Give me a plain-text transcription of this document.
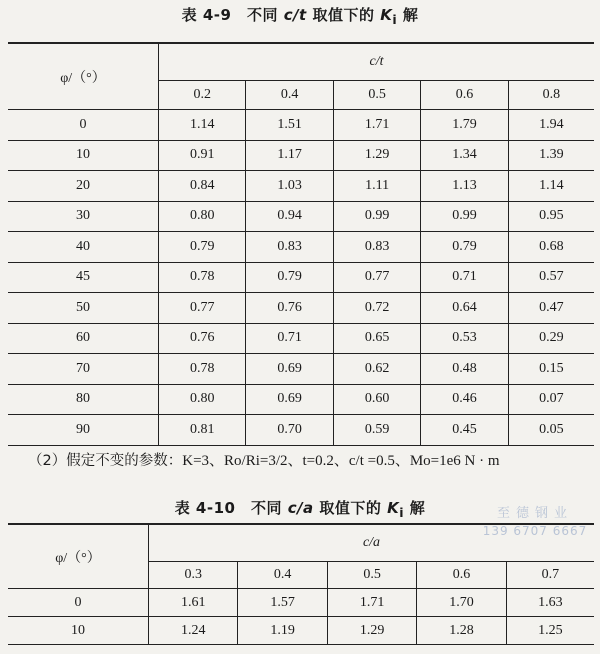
表 4-9　不同 c/t 取值下的 $K_i$ 解
φ/（°）	c/t				
	0.2	0.4	0.5	0.6	0.8
0	1.14	1.51	1.71	1.79	1.94
10	0.91	1.17	1.29	1.34	1.39
20	0.84	1.03	1.11	1.13	1.14
30	0.80	0.94	0.99	0.99	0.95
40	0.79	0.83	0.83	0.79	0.68
45	0.78	0.79	0.77	0.71	0.57
50	0.77	0.76	0.72	0.64	0.47
60	0.76	0.71	0.65	0.53	0.29
70	0.78	0.69	0.62	0.48	0.15
80	0.80	0.69	0.60	0.46	0.07
90	0.81	0.70	0.59	0.45	0.05
（2）假定不变的参数：K=3、Ro/Ri=3/2、t=0.2、c/t =0.5、Mo=1e6 N · m
表 4-10　不同 c/a 取值下的 $K_i$ 解
φ/（°）	c/a				
	0.3	0.4	0.5	0.6	0.7
0	1.61	1.57	1.71	1.70	1.63
10	1.24	1.19	1.29	1.28	1.25
至德钢业
139 6707 6667
